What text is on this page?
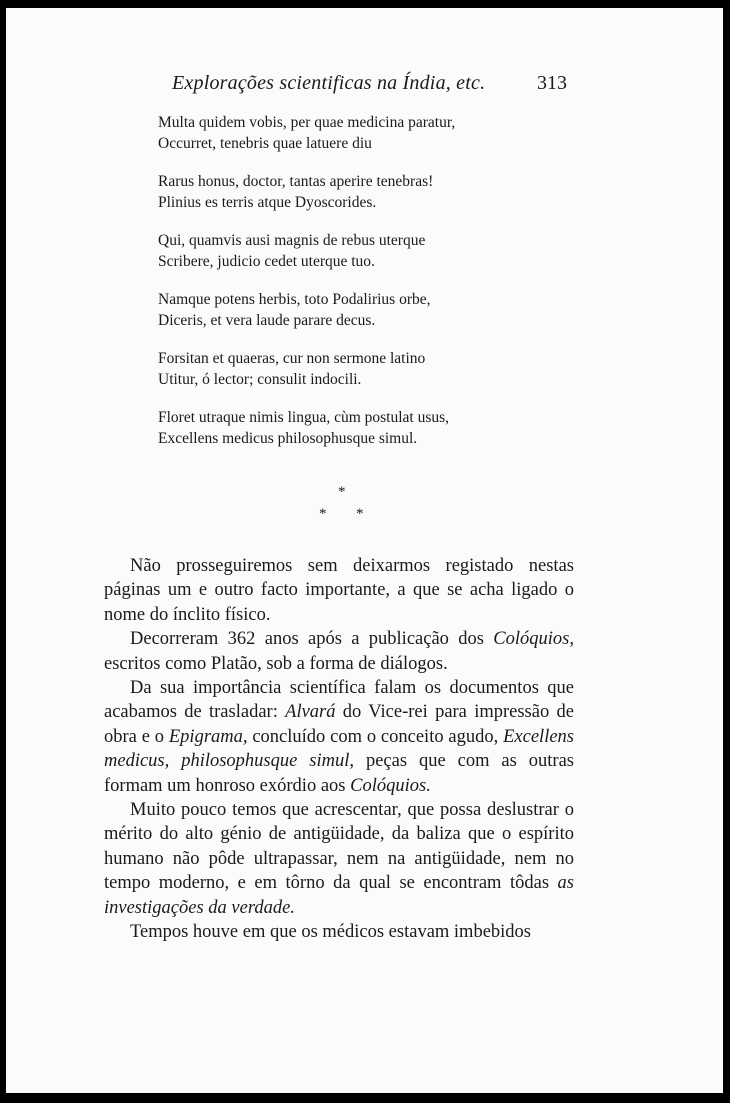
Explorações scientificas na Índia, etc.	313
Multa quidem vobis, per quae medicina paratur,
Occurret, tenebris quae latuere diu
Rarus honus, doctor, tantas aperire tenebras!
Plinius es terris atque Dyoscorides.
Qui, quamvis ausi magnis de rebus uterque
Scribere, judicio cedet uterque tuo.
Namque potens herbis, toto Podalirius orbe,
Diceris, et vera laude parare decus.
Forsitan et quaeras, cur non sermone latino
Utitur, ó lector; consulit indocili.
Floret utraque nimis lingua, cùm postulat usus,
Excellens medicus philosophusque simul.
*
* *

Não prosseguiremos sem deixarmos registado nestas páginas um e outro facto importante, a que se acha ligado o nome do ínclito físico.

Decorreram 362 anos após a publicação dos Colóquios, escritos como Platão, sob a forma de diálogos.

Da sua importância scientífica falam os documentos que acabamos de trasladar: Alvará do Vice-rei para impressão de obra e o Epigrama, concluído com o conceito agudo, Excellens medicus, philosophusque simul, peças que com as outras formam um honroso exórdio aos Colóquios.

Muito pouco temos que acrescentar, que possa deslustrar o mérito do alto génio de antigüidade, da baliza que o espírito humano não pôde ultrapassar, nem na antigüidade, nem no tempo moderno, e em tôrno da qual se encontram tôdas as investigações da verdade.

Tempos houve em que os médicos estavam imbebidos
